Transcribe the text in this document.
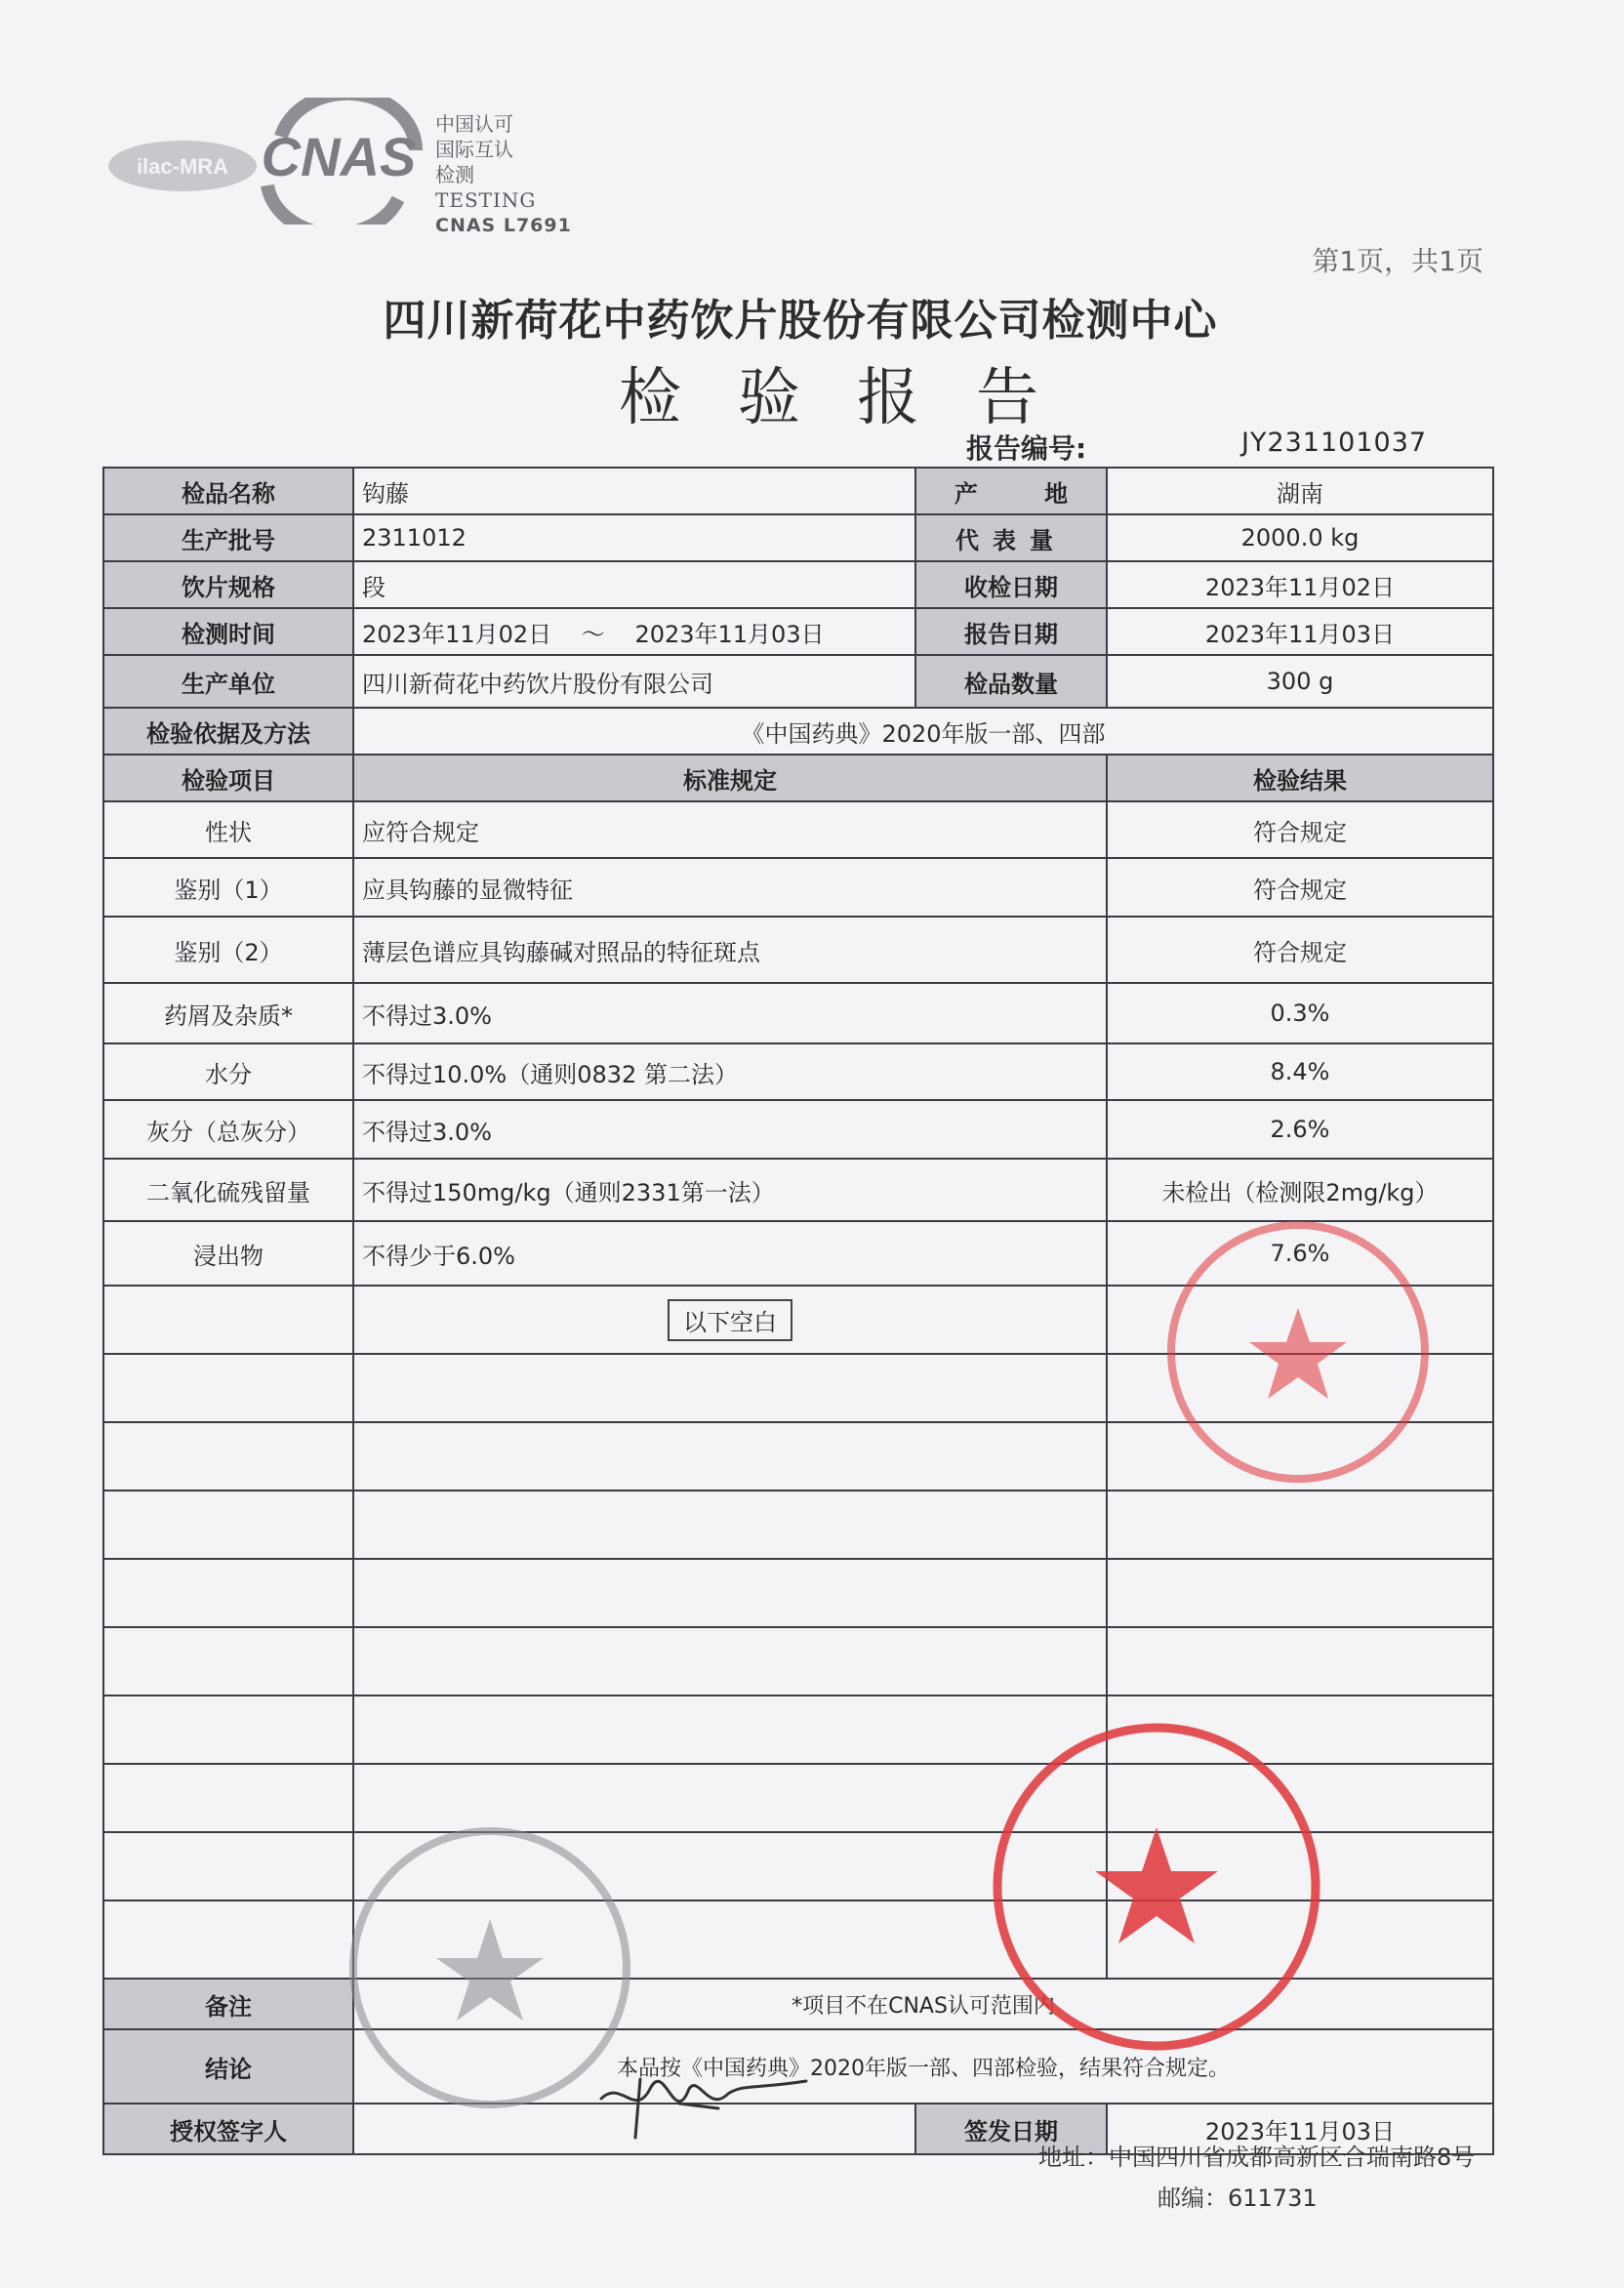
ilac-MRA CNAS
中国认可
国际互认
检测
TESTING
CNAS L7691
第1页，共1页
四川新荷花中药饮片股份有限公司检测中心
检验报告
报告编号:	JY231101037
检品名称	钩藤	产 地	湖南
生产批号	2311012	代表量	2000.0 kg
饮片规格	段	收检日期	2023年11月02日
检测时间	2023年11月02日 ～ 2023年11月03日	报告日期	2023年11月03日
生产单位	四川新荷花中药饮片股份有限公司	检品数量	300 g
检验依据及方法	《中国药典》2020年版一部、四部		
检验项目	标准规定		检验结果
性状	应符合规定		符合规定
鉴别（1）	应具钩藤的显微特征		符合规定
鉴别（2）	薄层色谱应具钩藤碱对照品的特征斑点		符合规定
药屑及杂质*	不得过3.0%		0.3%
水分	不得过10.0%（通则0832 第二法）		8.4%
灰分（总灰分）	不得过3.0%		2.6%
二氧化硫残留量	不得过150mg/kg（通则2331第一法）		未检出（检测限2mg/kg）
浸出物	不得少于6.0%		7.6%
	以下空白		

备注	*项目不在CNAS认可范围内		
结论	本品按《中国药典》2020年版一部、四部检验，结果符合规定。		
授权签字人		签发日期	2023年11月03日
地址：中国四川省成都高新区合瑞南路8号
邮编：611731
